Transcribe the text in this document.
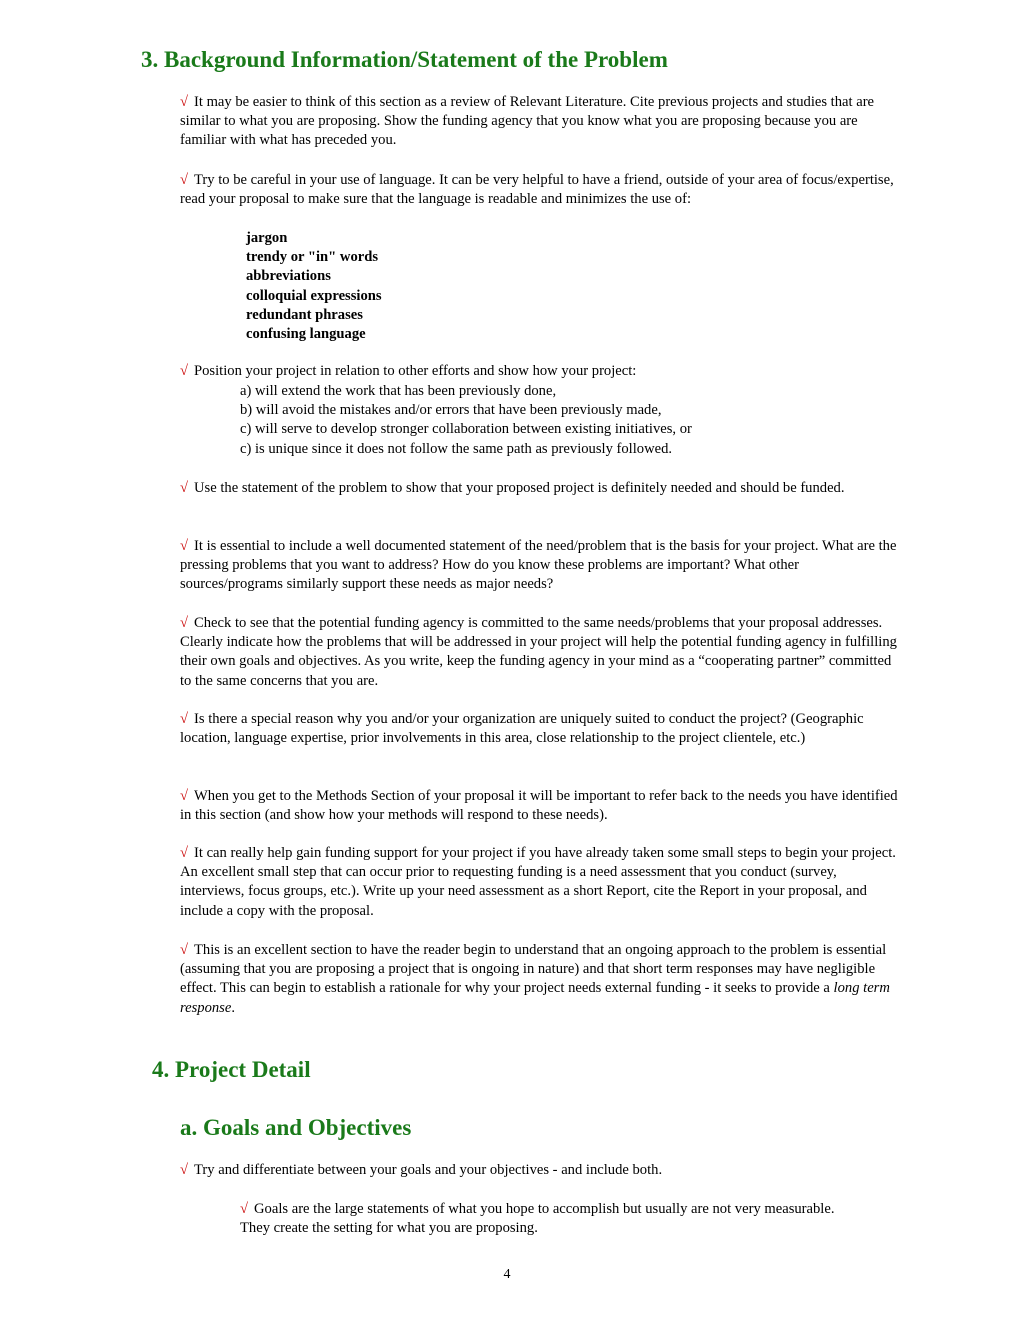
3. Background Information/Statement of the Problem

√ It may be easier to think of this section as a review of Relevant Literature. Cite previous projects and studies that are similar to what you are proposing. Show the funding agency that you know what you are proposing because you are familiar with what has preceded you.

√ Try to be careful in your use of language. It can be very helpful to have a friend, outside of your area of focus/expertise, read your proposal to make sure that the language is readable and minimizes the use of:

jargon
trendy or "in" words
abbreviations
colloquial expressions
redundant phrases
confusing language

√ Position your project in relation to other efforts and show how your project:

a) will extend the work that has been previously done,
b) will avoid the mistakes and/or errors that have been previously made,
c) will serve to develop stronger collaboration between existing initiatives, or
c) is unique since it does not follow the same path as previously followed.

√ Use the statement of the problem to show that your proposed project is definitely needed and should be funded.

√ It is essential to include a well documented statement of the need/problem that is the basis for your project. What are the pressing problems that you want to address? How do you know these problems are important? What other sources/programs similarly support these needs as major needs?

√ Check to see that the potential funding agency is committed to the same needs/problems that your proposal addresses. Clearly indicate how the problems that will be addressed in your project will help the potential funding agency in fulfilling their own goals and objectives. As you write, keep the funding agency in your mind as a “cooperating partner” committed to the same concerns that you are.

√ Is there a special reason why you and/or your organization are uniquely suited to conduct the project? (Geographic location, language expertise, prior involvements in this area, close relationship to the project clientele, etc.)

√ When you get to the Methods Section of your proposal it will be important to refer back to the needs you have identified in this section (and show how your methods will respond to these needs).

√ It can really help gain funding support for your project if you have already taken some small steps to begin your project. An excellent small step that can occur prior to requesting funding is a need assessment that you conduct (survey, interviews, focus groups, etc.). Write up your need assessment as a short Report, cite the Report in your proposal, and include a copy with the proposal.

√ This is an excellent section to have the reader begin to understand that an ongoing approach to the problem is essential (assuming that you are proposing a project that is ongoing in nature) and that short term responses may have negligible effect. This can begin to establish a rationale for why your project needs external funding - it seeks to provide a long term response.

4. Project Detail
a. Goals and Objectives

√ Try and differentiate between your goals and your objectives - and include both.

√ Goals are the large statements of what you hope to accomplish but usually are not very measurable. They create the setting for what you are proposing.

4
